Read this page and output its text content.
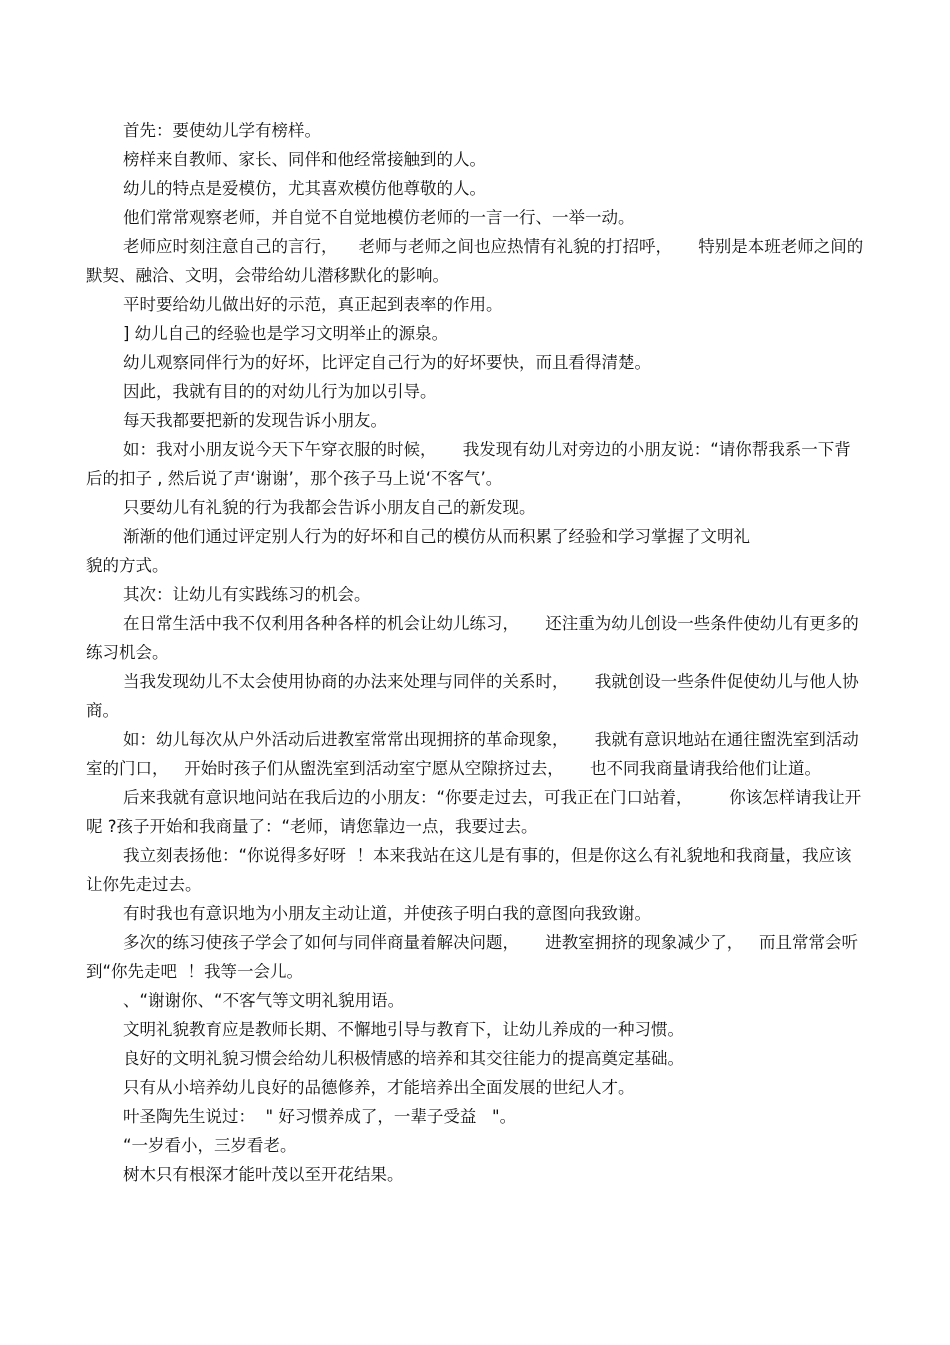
首先：要使幼儿学有榜样。

榜样来自教师、家长、同伴和他经常接触到的人。

幼儿的特点是爱模仿，尤其喜欢模仿他尊敬的人。

他们常常观察老师，并自觉不自觉地模仿老师的一言一行、一举一动。

老师应时刻注意自己的言行，    老师与老师之间也应热情有礼貌的打招呼，     特别是本班老师之间的默契、融洽、文明，会带给幼儿潜移默化的影响。

平时要给幼儿做出好的示范，真正起到表率的作用。

] 幼儿自己的经验也是学习文明举止的源泉。

幼儿观察同伴行为的好坏，比评定自己行为的好坏要快，而且看得清楚。

因此，我就有目的的对幼儿行为加以引导。

每天我都要把新的发现告诉小朋友。

如：我对小朋友说今天下午穿衣服的时候，     我发现有幼儿对旁边的小朋友说：“请你帮我系一下背后的扣子 , 然后说了声‘谢谢’，那个孩子马上说‘不客气’。

只要幼儿有礼貌的行为我都会告诉小朋友自己的新发现。

渐渐的他们通过评定别人行为的好坏和自己的模仿从而积累了经验和学习掌握了文明礼
貌的方式。

其次：让幼儿有实践练习的机会。

在日常生活中我不仅利用各种各样的机会让幼儿练习，     还注重为幼儿创设一些条件使幼儿有更多的练习机会。

当我发现幼儿不太会使用协商的办法来处理与同伴的关系时，     我就创设一些条件促使幼儿与他人协商。

如：幼儿每次从户外活动后进教室常常出现拥挤的革命现象，     我就有意识地站在通往盥洗室到活动室的门口，   开始时孩子们从盥洗室到活动室宁愿从空隙挤过去，     也不同我商量请我给他们让道。

后来我就有意识地问站在我后边的小朋友：“你要走过去，可我正在门口站着，       你该怎样请我让开呢 ?孩子开始和我商量了：“老师，请您靠边一点，我要过去。

我立刻表扬他：“你说得多好呀  ！本来我站在这儿是有事的，但是你这么有礼貌地和我商量，我应该让你先走过去。

有时我也有意识地为小朋友主动让道，并使孩子明白我的意图向我致谢。

多次的练习使孩子学会了如何与同伴商量着解决问题，     进教室拥挤的现象减少了，   而且常常会听到“你先走吧  ！我等一会儿。

、“谢谢你、“不客气等文明礼貌用语。

文明礼貌教育应是教师长期、不懈地引导与教育下，让幼儿养成的一种习惯。

良好的文明礼貌习惯会给幼儿积极情感的培养和其交往能力的提高奠定基础。

只有从小培养幼儿良好的品德修养，才能培养出全面发展的世纪人才。

叶圣陶先生说过：  " 好习惯养成了，一辈子受益   "。

“一岁看小，三岁看老。

树木只有根深才能叶茂以至开花结果。
